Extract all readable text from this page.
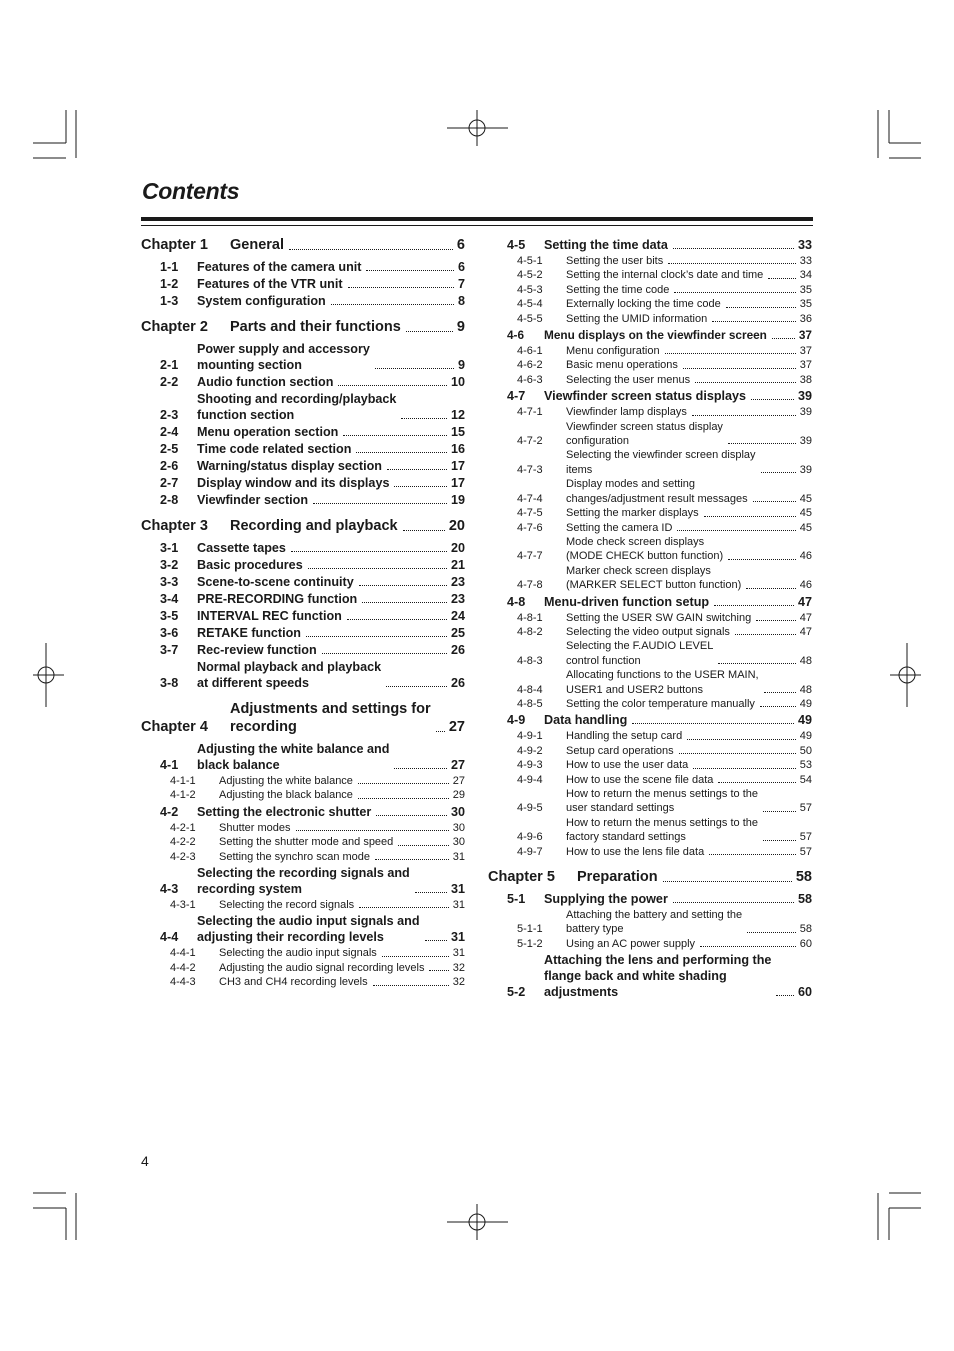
Contents
Chapter 1	General	6
1-1	Features of the camera unit	6
1-2	Features of the VTR unit	7
1-3	System configuration	8
Chapter 2	Parts and their functions	9
2-1
Power supply and accessory
mounting section	9
2-2	Audio function section	10
2-3
Shooting and recording/playback
function section	12
2-4	Menu operation section	15
2-5	Time code related section	16
2-6	Warning/status display section	17
2-7	Display window and its displays	17
2-8	Viewfinder section	19
Chapter 3	Recording and playback	20
3-1	Cassette tapes	20
3-2	Basic procedures	21
3-3	Scene-to-scene continuity	23
3-4	PRE-RECORDING function	23
3-5	INTERVAL REC function	24
3-6	RETAKE function	25
3-7	Rec-review function	26
3-8
Normal playback and playback
at different speeds	26
Chapter 4
Adjustments and settings for
recording	27
4-1
Adjusting the white balance and
black balance	27
4-1-1	Adjusting the white balance	27
4-1-2	Adjusting the black balance	29
4-2	Setting the electronic shutter	30
4-2-1	Shutter modes	30
4-2-2	Setting the shutter mode and speed	30
4-2-3	Setting the synchro scan mode	31
4-3
Selecting the recording signals and
recording system	31
4-3-1	Selecting the record signals	31
4-4
Selecting the audio input signals and
adjusting their recording levels	31
4-4-1	Selecting the audio input signals	31
4-4-2	Adjusting the audio signal recording levels	32
4-4-3	CH3 and CH4 recording levels	32
4-5	Setting the time data	33
4-5-1	Setting the user bits	33
4-5-2	Setting the internal clock’s date and time	34
4-5-3	Setting the time code	35
4-5-4	Externally locking the time code	35
4-5-5	Setting the UMID information	36
4-6	Menu displays on the viewfinder screen	37
4-6-1	Menu configuration	37
4-6-2	Basic menu operations	37
4-6-3	Selecting the user menus	38
4-7	Viewfinder screen status displays	39
4-7-1	Viewfinder lamp displays	39
4-7-2
Viewfinder screen status display
configuration	39
4-7-3
Selecting the viewfinder screen display
items	39
4-7-4
Display modes and setting
changes/adjustment result messages	45
4-7-5	Setting the marker displays	45
4-7-6	Setting the camera ID	45
4-7-7
Mode check screen displays
(MODE CHECK button function)	46
4-7-8
Marker check screen displays
(MARKER SELECT button function)	46
4-8	Menu-driven function setup	47
4-8-1	Setting the USER SW GAIN switching	47
4-8-2	Selecting the video output signals	47
4-8-3
Selecting the F.AUDIO LEVEL
control function	48
4-8-4
Allocating functions to the USER MAIN,
USER1 and USER2 buttons	48
4-8-5	Setting the color temperature manually	49
4-9	Data handling	49
4-9-1	Handling the setup card	49
4-9-2	Setup card operations	50
4-9-3	How to use the user data	53
4-9-4	How to use the scene file data	54
4-9-5
How to return the menus settings to the
user standard settings	57
4-9-6
How to return the menus settings to the
factory standard settings	57
4-9-7	How to use the lens file data	57
Chapter 5	Preparation	58
5-1	Supplying the power	58
5-1-1
Attaching the battery and setting the
battery type	58
5-1-2	Using an AC power supply	60
5-2
Attaching the lens and performing the
flange back and white shading
adjustments	60
4
